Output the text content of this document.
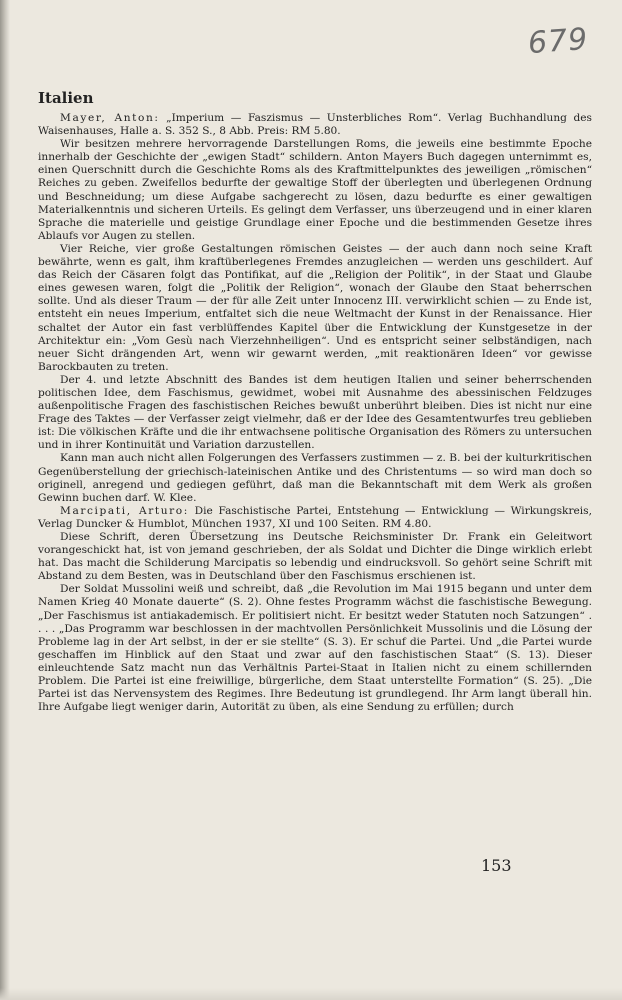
679
Italien

Mayer, Anton: „Imperium — Faszismus — Unsterbliches Rom“. Verlag Buchhandlung des Waisenhauses, Halle a. S. 352 S., 8 Abb. Preis: RM 5.80.

Wir besitzen mehrere hervorragende Darstellungen Roms, die jeweils eine bestimmte Epoche innerhalb der Geschichte der „ewigen Stadt“ schildern. Anton Mayers Buch dagegen unternimmt es, einen Querschnitt durch die Geschichte Roms als des Kraftmittelpunktes des jeweiligen „römischen“ Reiches zu geben. Zweifellos bedurfte der gewaltige Stoff der überlegten und überlegenen Ordnung und Beschneidung; um diese Aufgabe sachgerecht zu lösen, dazu bedurfte es einer gewaltigen Materialkenntnis und sicheren Urteils. Es gelingt dem Verfasser, uns überzeugend und in einer klaren Sprache die materielle und geistige Grundlage einer Epoche und die bestimmenden Gesetze ihres Ablaufs vor Augen zu stellen.

Vier Reiche, vier große Gestaltungen römischen Geistes — der auch dann noch seine Kraft bewährte, wenn es galt, ihm kraftüberlegenes Fremdes anzugleichen — werden uns geschildert. Auf das Reich der Cäsaren folgt das Pontifikat, auf die „Religion der Politik“, in der Staat und Glaube eines gewesen waren, folgt die „Politik der Religion“, wonach der Glaube den Staat beherrschen sollte. Und als dieser Traum — der für alle Zeit unter Innocenz III. verwirklicht schien — zu Ende ist, entsteht ein neues Imperium, entfaltet sich die neue Weltmacht der Kunst in der Renaissance. Hier schaltet der Autor ein fast verblüffendes Kapitel über die Entwicklung der Kunstgesetze in der Architektur ein: „Vom Gesù nach Vierzehnheiligen“. Und es entspricht seiner selbständigen, nach neuer Sicht drängenden Art, wenn wir gewarnt werden, „mit reaktionären Ideen“ vor gewisse Barockbauten zu treten.

Der 4. und letzte Abschnitt des Bandes ist dem heutigen Italien und seiner beherrschenden politischen Idee, dem Faschismus, gewidmet, wobei mit Ausnahme des abessinischen Feldzuges außenpolitische Fragen des faschistischen Reiches bewußt unberührt bleiben. Dies ist nicht nur eine Frage des Taktes — der Verfasser zeigt vielmehr, daß er der Idee des Gesamtentwurfes treu geblieben ist: Die völkischen Kräfte und die ihr entwachsene politische Organisation des Römers zu untersuchen und in ihrer Kontinuität und Variation darzustellen.

Kann man auch nicht allen Folgerungen des Verfassers zustimmen — z. B. bei der kulturkritischen Gegenüberstellung der griechisch-lateinischen Antike und des Christentums — so wird man doch so originell, anregend und gediegen geführt, daß man die Bekanntschaft mit dem Werk als großen Gewinn buchen darf. W. Klee.

Marcipati, Arturo: Die Faschistische Partei, Entstehung — Entwicklung — Wirkungskreis, Verlag Duncker & Humblot, München 1937, XI und 100 Seiten. RM 4.80.

Diese Schrift, deren Übersetzung ins Deutsche Reichsminister Dr. Frank ein Geleitwort vorangeschickt hat, ist von jemand geschrieben, der als Soldat und Dichter die Dinge wirklich erlebt hat. Das macht die Schilderung Marcipatis so lebendig und eindrucksvoll. So gehört seine Schrift mit Abstand zu dem Besten, was in Deutschland über den Faschismus erschienen ist.

Der Soldat Mussolini weiß und schreibt, daß „die Revolution im Mai 1915 begann und unter dem Namen Krieg 40 Monate dauerte“ (S. 2). Ohne festes Programm wächst die faschistische Bewegung. „Der Faschismus ist antiakademisch. Er politisiert nicht. Er besitzt weder Statuten noch Satzungen“ . . . . „Das Programm war beschlossen in der machtvollen Persönlichkeit Mussolinis und die Lösung der Probleme lag in der Art selbst, in der er sie stellte“ (S. 3). Er schuf die Partei. Und „die Partei wurde geschaffen im Hinblick auf den Staat und zwar auf den faschistischen Staat“ (S. 13). Dieser einleuchtende Satz macht nun das Verhältnis Partei-Staat in Italien nicht zu einem schillernden Problem. Die Partei ist eine freiwillige, bürgerliche, dem Staat unterstellte Formation“ (S. 25). „Die Partei ist das Nervensystem des Regimes. Ihre Bedeutung ist grundlegend. Ihr Arm langt überall hin. Ihre Aufgabe liegt weniger darin, Autorität zu üben, als eine Sendung zu erfüllen; durch

153
